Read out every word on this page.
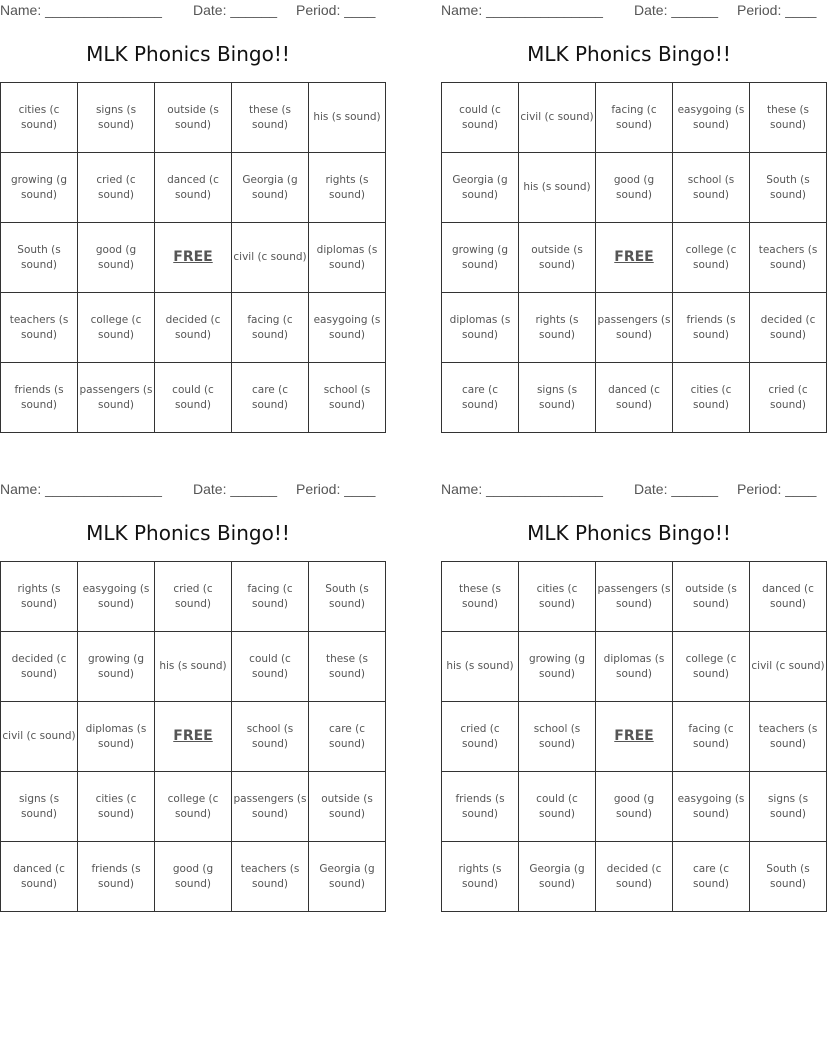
Name: _______________ Date: ______ Period: ____
MLK Phonics Bingo!!
cities (c sound)	signs (s sound)	outside (s sound)	these (s sound)	his (s sound)
growing (g sound)	cried (c sound)	danced (c sound)	Georgia (g sound)	rights (s sound)
South (s sound)	good (g sound)	FREE	civil (c sound)	diplomas (s sound)
teachers (s sound)	college (c sound)	decided (c sound)	facing (c sound)	easygoing (s sound)
friends (s sound)	passengers (s sound)	could (c sound)	care (c sound)	school (s sound)
Name: _______________ Date: ______ Period: ____
MLK Phonics Bingo!!
could (c sound)	civil (c sound)	facing (c sound)	easygoing (s sound)	these (s sound)
Georgia (g sound)	his (s sound)	good (g sound)	school (s sound)	South (s sound)
growing (g sound)	outside (s sound)	FREE	college (c sound)	teachers (s sound)
diplomas (s sound)	rights (s sound)	passengers (s sound)	friends (s sound)	decided (c sound)
care (c sound)	signs (s sound)	danced (c sound)	cities (c sound)	cried (c sound)
Name: _______________ Date: ______ Period: ____
MLK Phonics Bingo!!
rights (s sound)	easygoing (s sound)	cried (c sound)	facing (c sound)	South (s sound)
decided (c sound)	growing (g sound)	his (s sound)	could (c sound)	these (s sound)
civil (c sound)	diplomas (s sound)	FREE	school (s sound)	care (c sound)
signs (s sound)	cities (c sound)	college (c sound)	passengers (s sound)	outside (s sound)
danced (c sound)	friends (s sound)	good (g sound)	teachers (s sound)	Georgia (g sound)
Name: _______________ Date: ______ Period: ____
MLK Phonics Bingo!!
these (s sound)	cities (c sound)	passengers (s sound)	outside (s sound)	danced (c sound)
his (s sound)	growing (g sound)	diplomas (s sound)	college (c sound)	civil (c sound)
cried (c sound)	school (s sound)	FREE	facing (c sound)	teachers (s sound)
friends (s sound)	could (c sound)	good (g sound)	easygoing (s sound)	signs (s sound)
rights (s sound)	Georgia (g sound)	decided (c sound)	care (c sound)	South (s sound)
